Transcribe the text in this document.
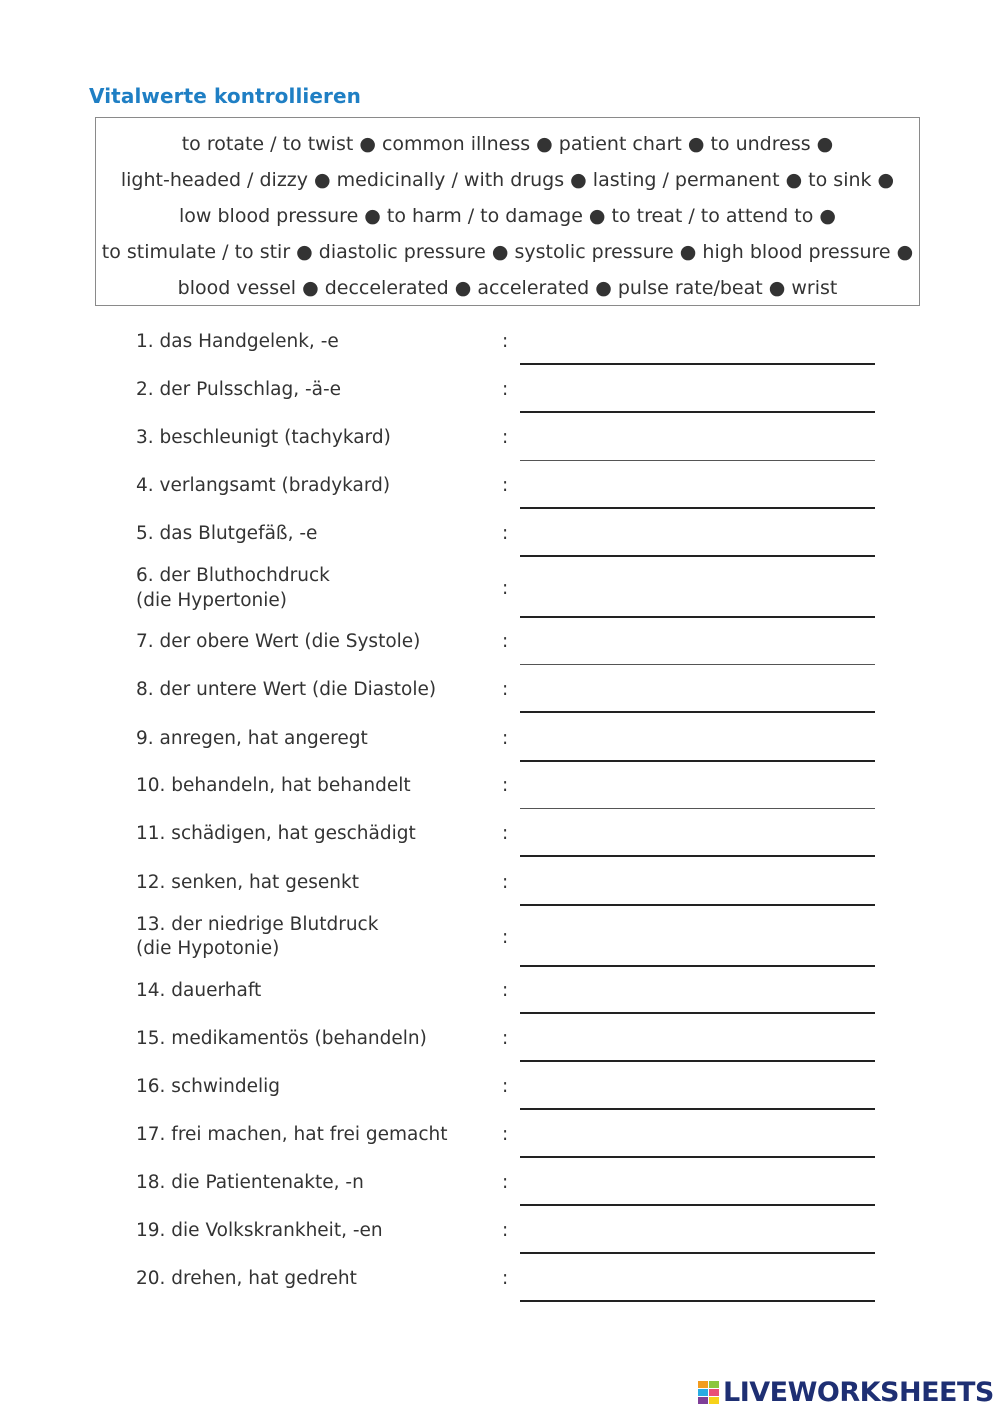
Vitalwerte kontrollieren
to rotate / to twist ● common illness ● patient chart ● to undress ●
light-headed / dizzy ● medicinally / with drugs ● lasting / permanent ● to sink ●
low blood pressure ● to harm / to damage ● to treat / to attend to ●
to stimulate / to stir ● diastolic pressure ● systolic pressure ● high blood pressure ●
blood vessel ● deccelerated ● accelerated ● pulse rate/beat ● wrist
1. das Handgelenk, -e	:
2. der Pulsschlag, -ä-e	:
3. beschleunigt (tachykard)	:
4. verlangsamt (bradykard)	:
5. das Blutgefäß, -e	:
6. der Bluthochdruck
(die Hypertonie)
:
7. der obere Wert (die Systole)	:
8. der untere Wert (die Diastole)	:
9. anregen, hat angeregt	:
10. behandeln, hat behandelt	:
11. schädigen, hat geschädigt	:
12. senken, hat gesenkt	:
13. der niedrige Blutdruck
(die Hypotonie)
:
14. dauerhaft	:
15. medikamentös (behandeln)	:
16. schwindelig	:
17. frei machen, hat frei gemacht	:
18. die Patientenakte, -n	:
19. die Volkskrankheit, -en	:
20. drehen, hat gedreht	:
LIVEWORKSHEETS
